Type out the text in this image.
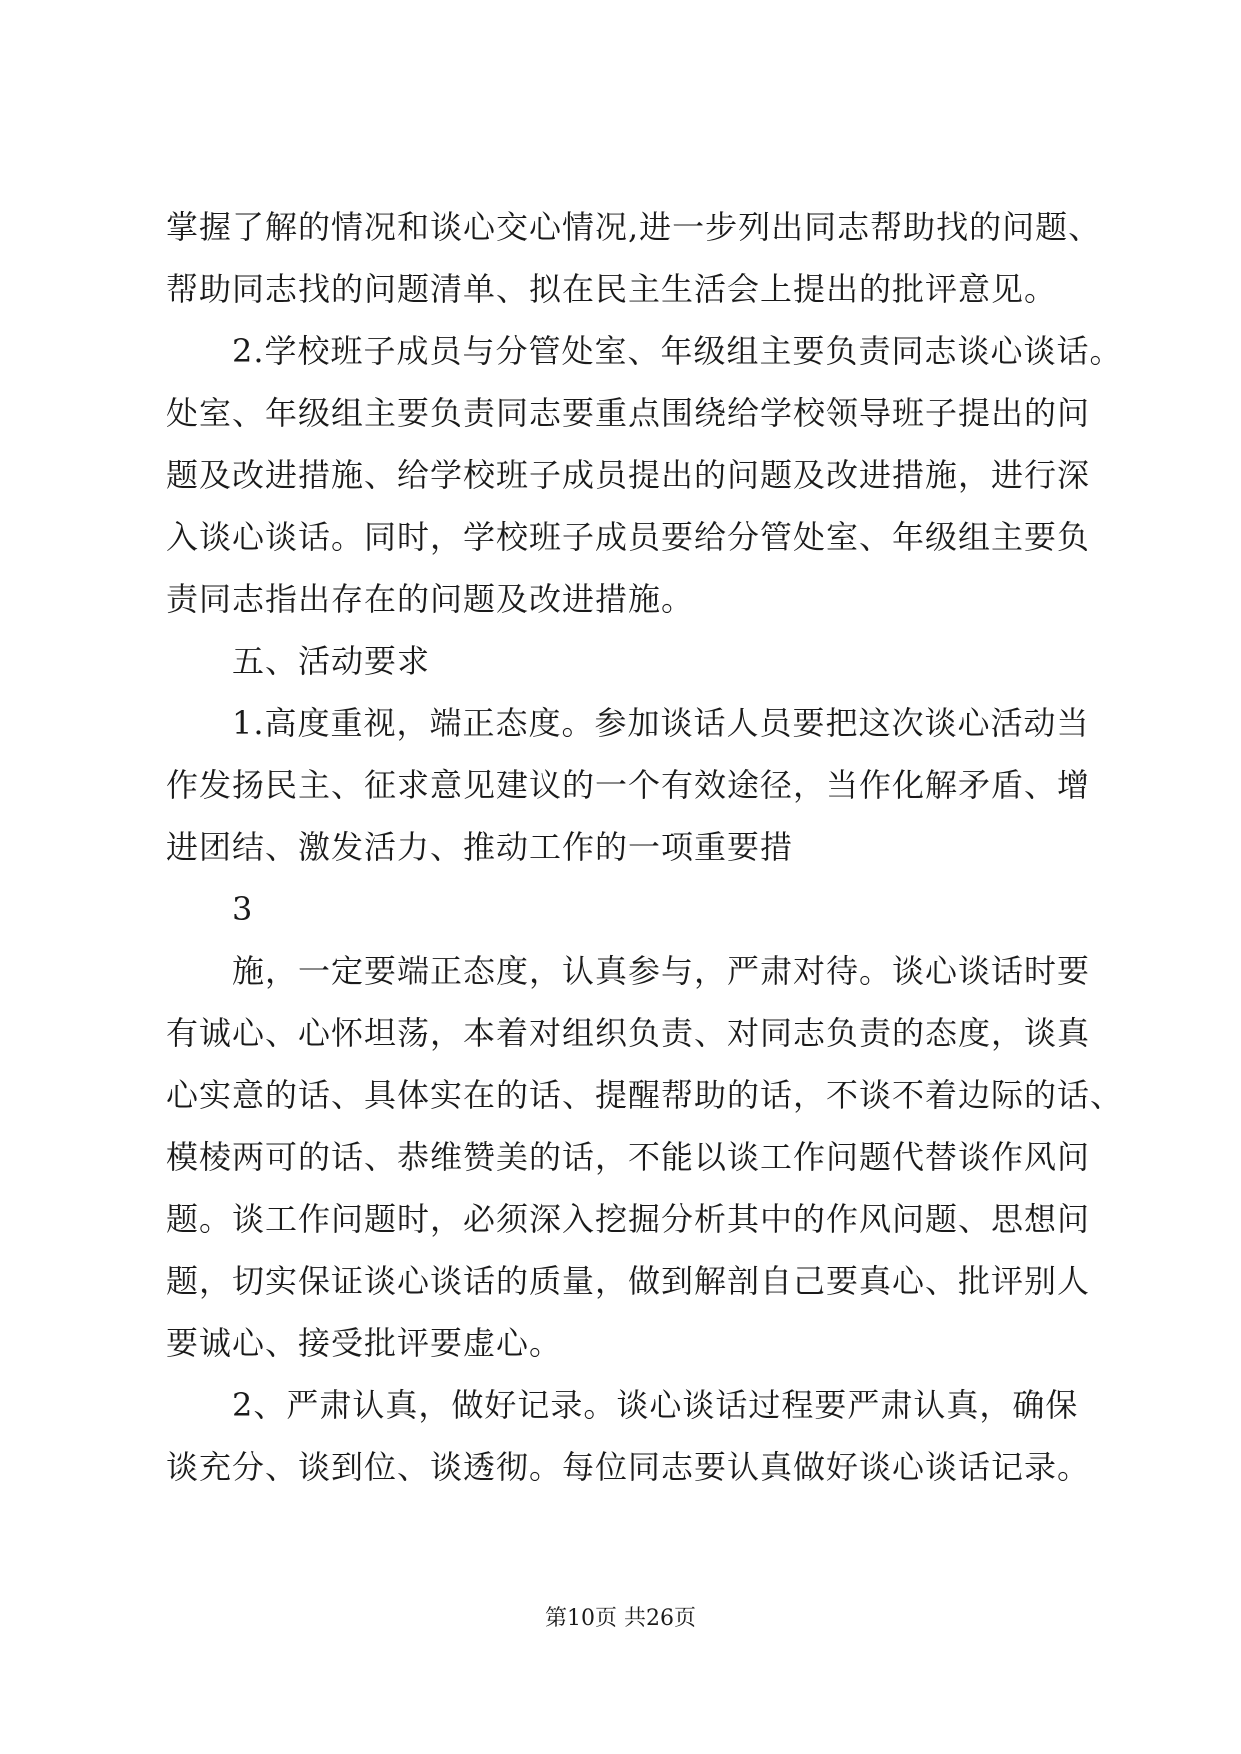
掌握了解的情况和谈心交心情况,进一步列出同志帮助找的问题、
帮助同志找的问题清单、拟在民主生活会上提出的批评意见。
2.学校班子成员与分管处室、年级组主要负责同志谈心谈话。
处室、年级组主要负责同志要重点围绕给学校领导班子提出的问
题及改进措施、给学校班子成员提出的问题及改进措施，进行深
入谈心谈话。同时，学校班子成员要给分管处室、年级组主要负
责同志指出存在的问题及改进措施。
五、活动要求
1.高度重视，端正态度。参加谈话人员要把这次谈心活动当
作发扬民主、征求意见建议的一个有效途径，当作化解矛盾、增
进团结、激发活力、推动工作的一项重要措
3
施，一定要端正态度，认真参与，严肃对待。谈心谈话时要
有诚心、心怀坦荡，本着对组织负责、对同志负责的态度，谈真
心实意的话、具体实在的话、提醒帮助的话，不谈不着边际的话、
模棱两可的话、恭维赞美的话，不能以谈工作问题代替谈作风问
题。谈工作问题时，必须深入挖掘分析其中的作风问题、思想问
题，切实保证谈心谈话的质量，做到解剖自己要真心、批评别人
要诚心、接受批评要虚心。
2、严肃认真，做好记录。谈心谈话过程要严肃认真，确保
谈充分、谈到位、谈透彻。每位同志要认真做好谈心谈话记录。
第10页 共26页
